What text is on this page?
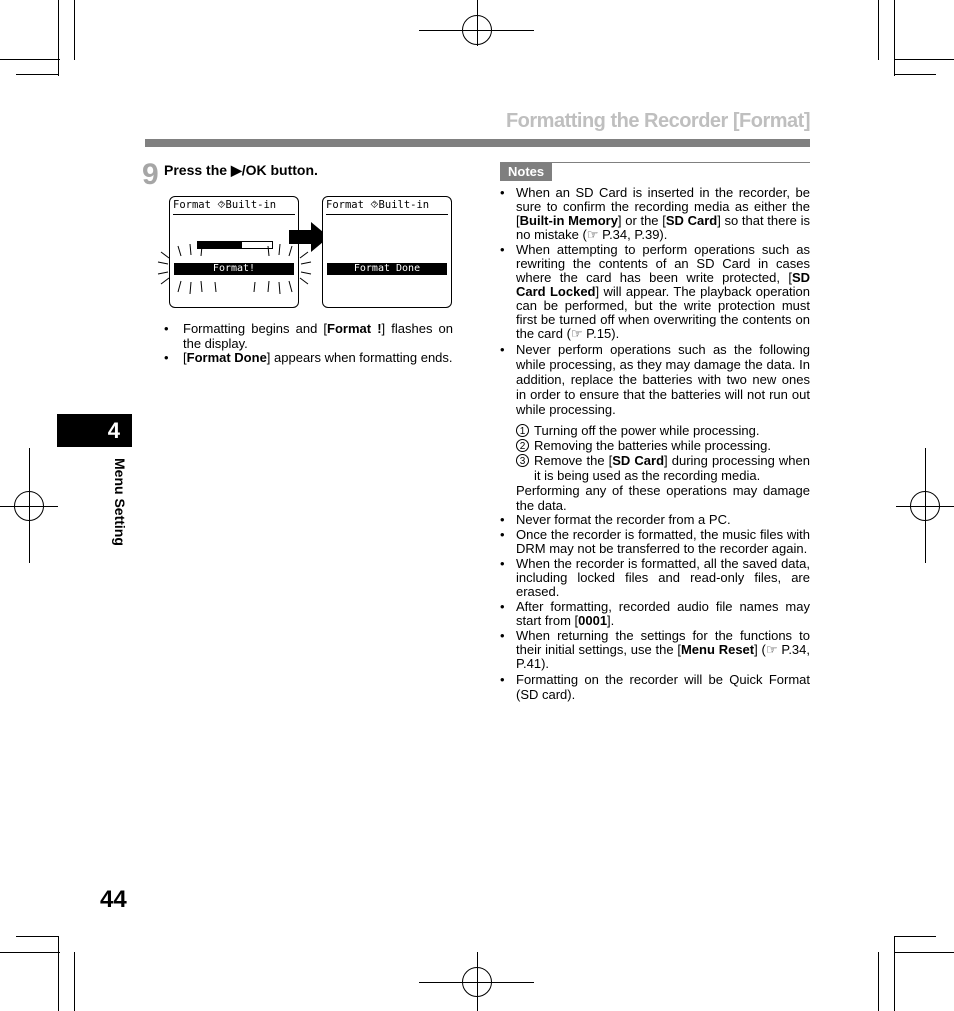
Formatting the Recorder [Format]
9 Press the ▶/OK button.
Format ⯑Built-in
Format!
Format ⯑Built-in
Format Done
• Formatting begins and [Format !] flashes on the display.
• [Format Done] appears when formatting ends.
Notes
• When an SD Card is inserted in the recorder, be sure to confirm the recording media as either the [Built-in Memory] or the [SD Card] so that there is no mistake (☞ P.34, P.39).
• When attempting to perform operations such as rewriting the contents of an SD Card in cases where the card has been write protected, [SD Card Locked] will appear. The playback operation can be performed, but the write protection must first be turned off when overwriting the contents on the card (☞ P.15).
• Never perform operations such as the following while processing, as they may damage the data. In addition, replace the batteries with two new ones in order to ensure that the batteries will not run out while processing.
1 Turning off the power while processing.
2 Removing the batteries while processing.
3 Remove the [SD Card] during processing when it is being used as the recording media.
Performing any of these operations may damage the data.
• Never format the recorder from a PC.
• Once the recorder is formatted, the music files with DRM may not be transferred to the recorder again.
• When the recorder is formatted, all the saved data, including locked files and read-only files, are erased.
• After formatting, recorded audio file names may start from [0001].
• When returning the settings for the functions to their initial settings, use the [Menu Reset] (☞ P.34, P.41).
• Formatting on the recorder will be Quick Format (SD card).
4
Menu Setting
44
